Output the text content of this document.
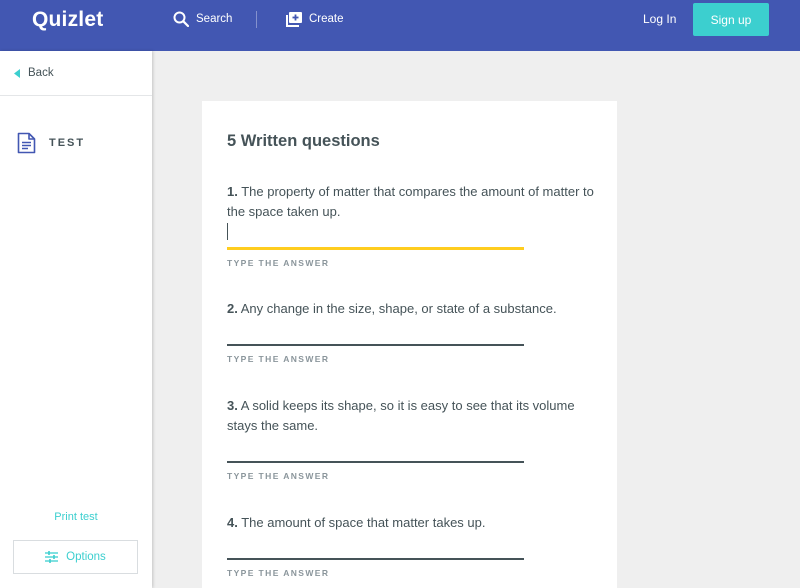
Quizlet	Search	Create	Log In	Sign up
Back
TEST
Print test
Options
5 Written questions
1. The property of matter that compares the amount of matter to the space taken up.
TYPE THE ANSWER
2. Any change in the size, shape, or state of a substance.
TYPE THE ANSWER
3. A solid keeps its shape, so it is easy to see that its volume stays the same.
TYPE THE ANSWER
4. The amount of space that matter takes up.
TYPE THE ANSWER
